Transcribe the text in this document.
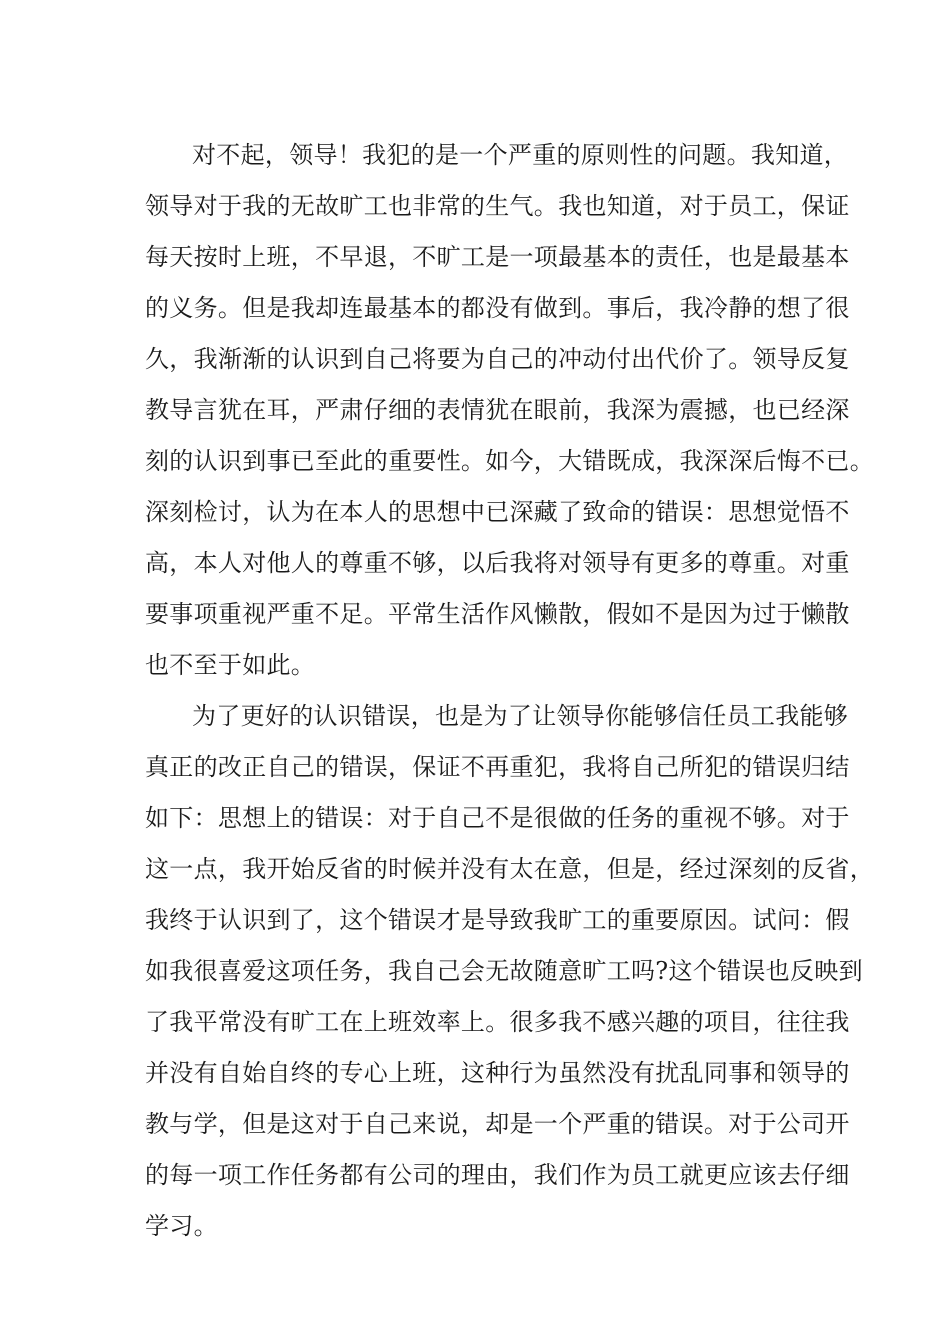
对不起，领导！我犯的是一个严重的原则性的问题。我知道，
领导对于我的无故旷工也非常的生气。我也知道，对于员工，保证
每天按时上班，不早退，不旷工是一项最基本的责任，也是最基本
的义务。但是我却连最基本的都没有做到。事后，我冷静的想了很
久，我渐渐的认识到自己将要为自己的冲动付出代价了。领导反复
教导言犹在耳，严肃仔细的表情犹在眼前，我深为震撼，也已经深
刻的认识到事已至此的重要性。如今，大错既成，我深深后悔不已。
深刻检讨，认为在本人的思想中已深藏了致命的错误：思想觉悟不
高，本人对他人的尊重不够，以后我将对领导有更多的尊重。对重
要事项重视严重不足。平常生活作风懒散，假如不是因为过于懒散
也不至于如此。
为了更好的认识错误，也是为了让领导你能够信任员工我能够
真正的改正自己的错误，保证不再重犯，我将自己所犯的错误归结
如下：思想上的错误：对于自己不是很做的任务的重视不够。对于
这一点，我开始反省的时候并没有太在意，但是，经过深刻的反省，
我终于认识到了，这个错误才是导致我旷工的重要原因。试问：假
如我很喜爱这项任务，我自己会无故随意旷工吗?这个错误也反映到
了我平常没有旷工在上班效率上。很多我不感兴趣的项目，往往我
并没有自始自终的专心上班，这种行为虽然没有扰乱同事和领导的
教与学，但是这对于自己来说，却是一个严重的错误。对于公司开
的每一项工作任务都有公司的理由，我们作为员工就更应该去仔细
学习。
